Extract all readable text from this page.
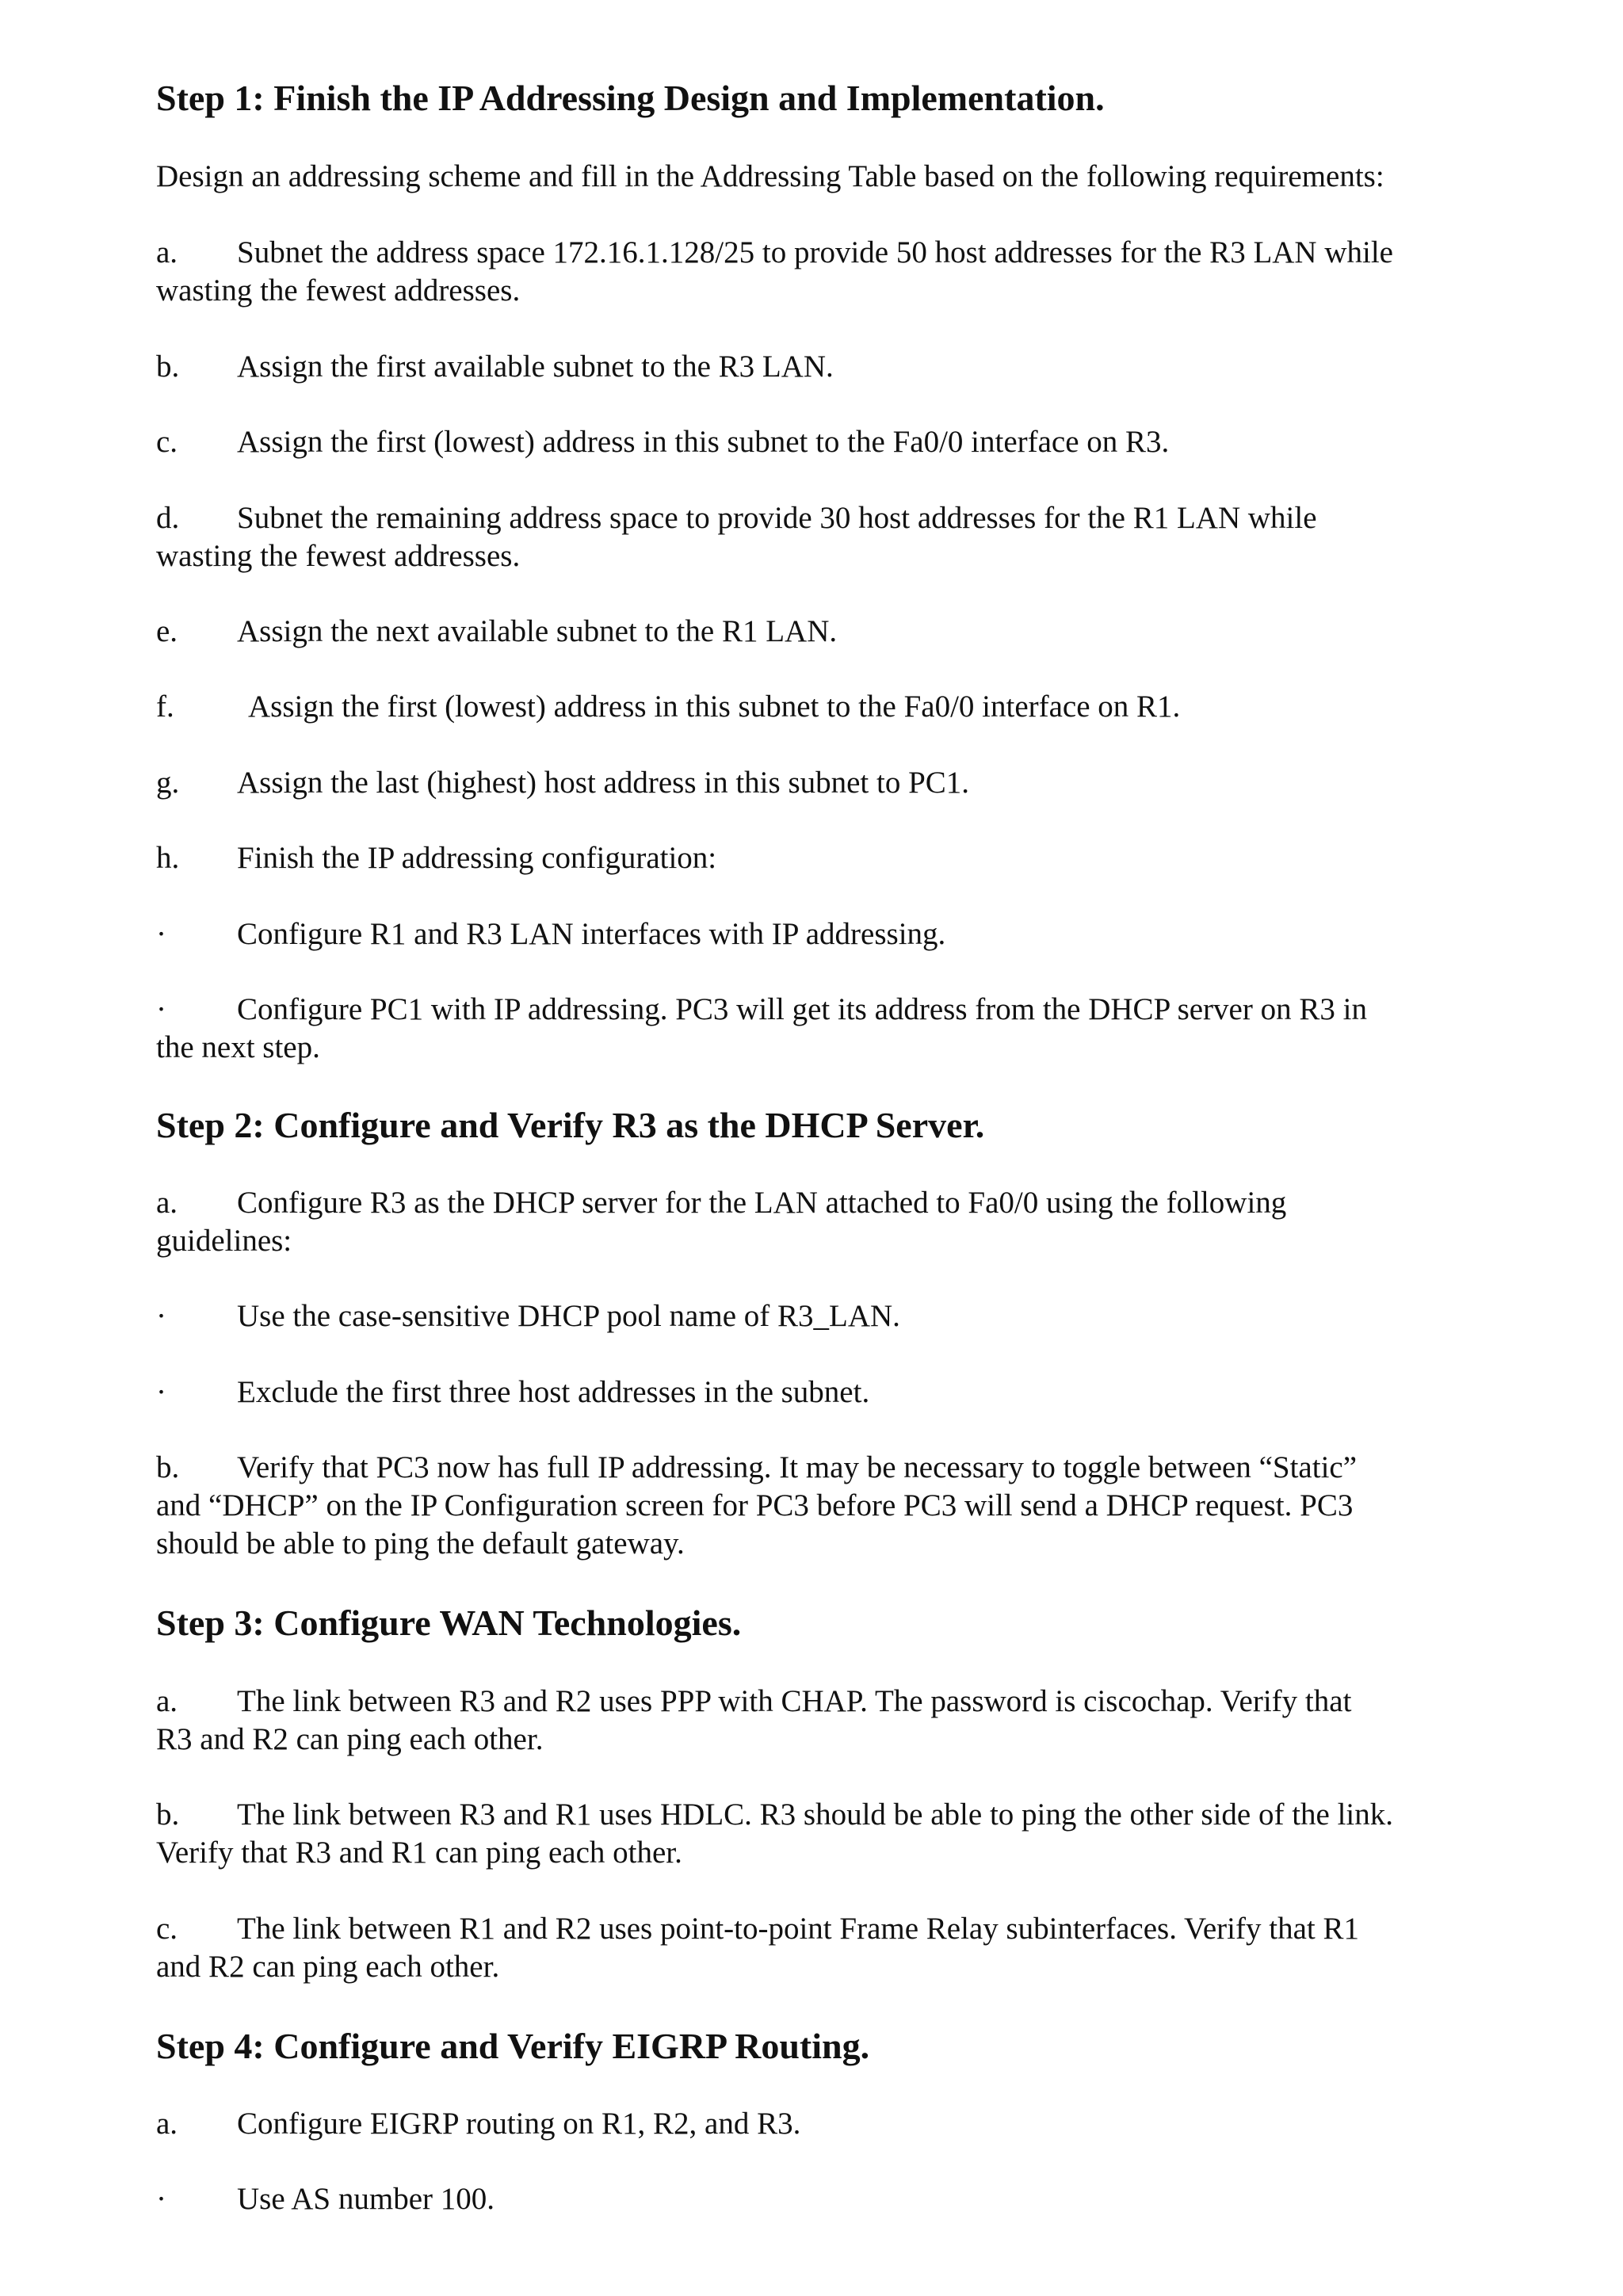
Step 1: Finish the IP Addressing Design and Implementation.
Design an addressing scheme and fill in the Addressing Table based on the following requirements:
a. Subnet the address space 172.16.1.128/25 to provide 50 host addresses for the R3 LAN while
wasting the fewest addresses.
b. Assign the first available subnet to the R3 LAN.
c. Assign the first (lowest) address in this subnet to the Fa0/0 interface on R3.
d. Subnet the remaining address space to provide 30 host addresses for the R1 LAN while
wasting the fewest addresses.
e. Assign the next available subnet to the R1 LAN.
f. Assign the first (lowest) address in this subnet to the Fa0/0 interface on R1.
g. Assign the last (highest) host address in this subnet to PC1.
h. Finish the IP addressing configuration:
· Configure R1 and R3 LAN interfaces with IP addressing.
· Configure PC1 with IP addressing. PC3 will get its address from the DHCP server on R3 in
the next step.
Step 2: Configure and Verify R3 as the DHCP Server.
a. Configure R3 as the DHCP server for the LAN attached to Fa0/0 using the following
guidelines:
· Use the case-sensitive DHCP pool name of R3_LAN.
· Exclude the first three host addresses in the subnet.
b. Verify that PC3 now has full IP addressing. It may be necessary to toggle between “Static”
and “DHCP” on the IP Configuration screen for PC3 before PC3 will send a DHCP request. PC3
should be able to ping the default gateway.
Step 3: Configure WAN Technologies.
a. The link between R3 and R2 uses PPP with CHAP. The password is ciscochap. Verify that
R3 and R2 can ping each other.
b. The link between R3 and R1 uses HDLC. R3 should be able to ping the other side of the link.
Verify that R3 and R1 can ping each other.
c. The link between R1 and R2 uses point-to-point Frame Relay subinterfaces. Verify that R1
and R2 can ping each other.
Step 4: Configure and Verify EIGRP Routing.
a. Configure EIGRP routing on R1, R2, and R3.
· Use AS number 100.
